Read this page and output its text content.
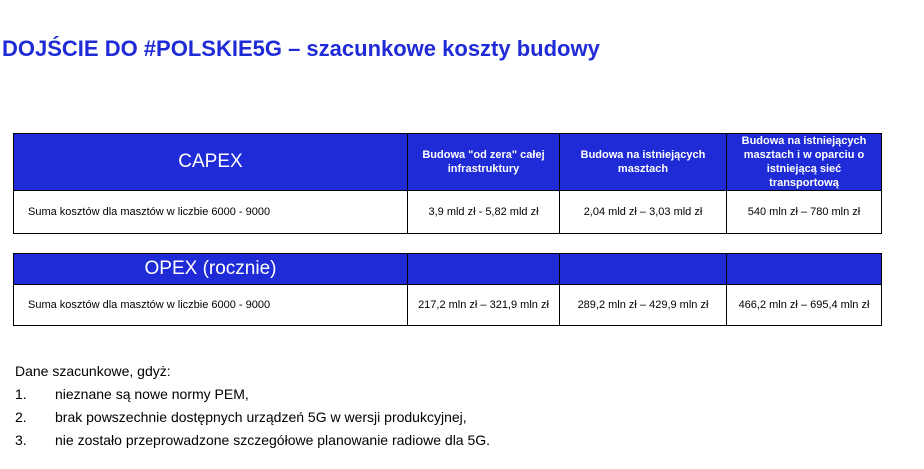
DOJŚCIE DO #POLSKIE5G – szacunkowe koszty budowy
CAPEX	Budowa "od zera" całej infrastruktury	Budowa na istniejących masztach	Budowa na istniejących masztach i w oparciu o istniejącą sieć transportową
Suma kosztów dla masztów w liczbie 6000 - 9000	3,9 mld zł - 5,82 mld zł	2,04 mld zł – 3,03 mld zł	540 mln zł – 780 mln zł
OPEX (rocznie)			
Suma kosztów dla masztów w liczbie 6000 - 9000	217,2 mln zł – 321,9 mln zł	289,2 mln zł – 429,9 mln zł	466,2 mln zł – 695,4 mln zł
Dane szacunkowe, gdyż:
1.	nieznane są nowe normy PEM,
2.	brak powszechnie dostępnych urządzeń 5G w wersji produkcyjnej,
3.	nie zostało przeprowadzone szczegółowe planowanie radiowe dla 5G.
